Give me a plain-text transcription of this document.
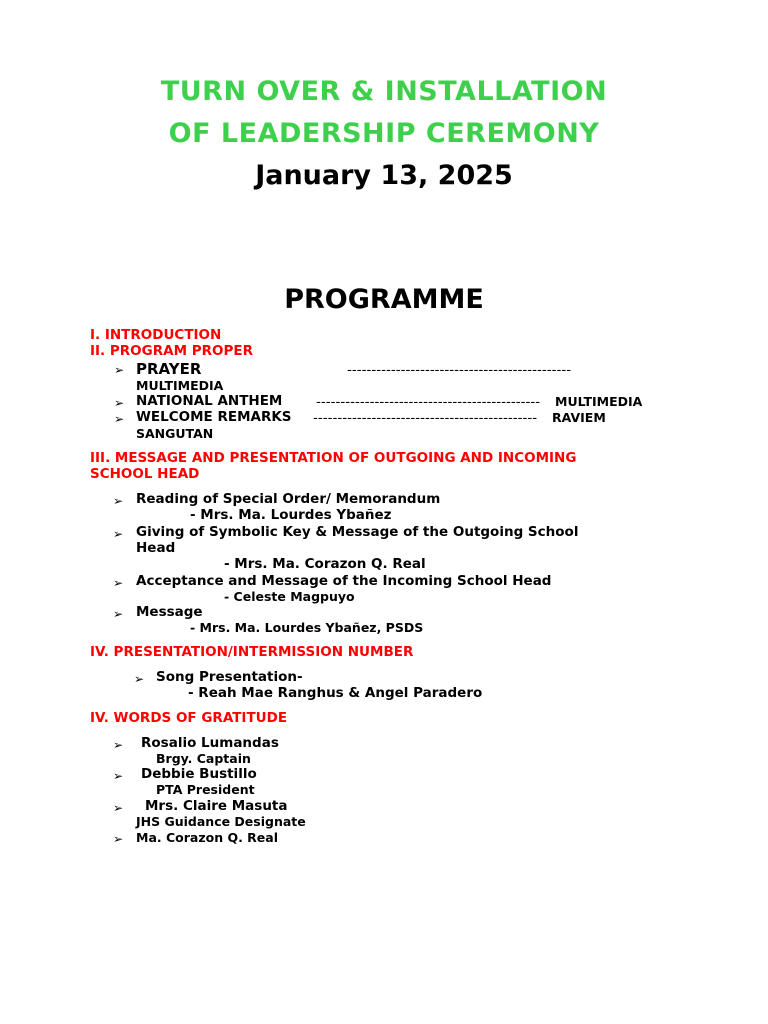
TURN OVER & INSTALLATION
OF LEADERSHIP CEREMONY
January 13, 2025
PROGRAMME
I. INTRODUCTION
II. PROGRAM PROPER
➢ PRAYER	----------------------------------------------
MULTIMEDIA
➢ NATIONAL ANTHEM ---------------------------------------------- MULTIMEDIA
➢ WELCOME REMARKS ---------------------------------------------- RAVIEM
SANGUTAN
III. MESSAGE AND PRESENTATION OF OUTGOING AND INCOMING
SCHOOL HEAD
➢ Reading of Special Order/ Memorandum
- Mrs. Ma. Lourdes Ybañez
➢ Giving of Symbolic Key & Message of the Outgoing School
Head
- Mrs. Ma. Corazon Q. Real
➢ Acceptance and Message of the Incoming School Head
- Celeste Magpuyo
➢ Message
- Mrs. Ma. Lourdes Ybañez, PSDS
IV. PRESENTATION/INTERMISSION NUMBER
➢ Song Presentation-
- Reah Mae Ranghus & Angel Paradero
IV. WORDS OF GRATITUDE
➢ Rosalio Lumandas
Brgy. Captain
➢ Debbie Bustillo
PTA President
➢ Mrs. Claire Masuta
JHS Guidance Designate
➢ Ma. Corazon Q. Real
